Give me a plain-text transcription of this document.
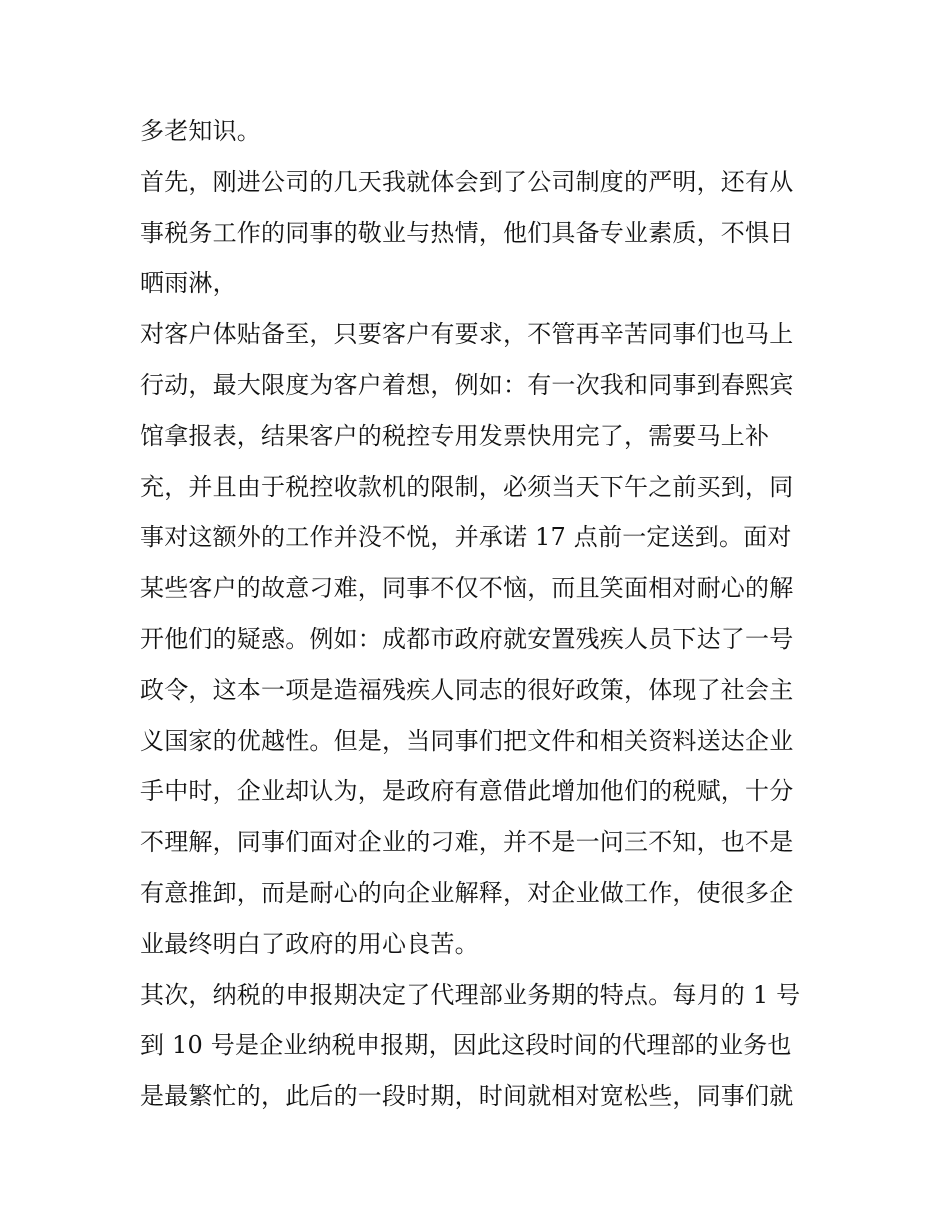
多老知识。
首先，刚进公司的几天我就体会到了公司制度的严明，还有从
事税务工作的同事的敬业与热情，他们具备专业素质，不惧日
晒雨淋，
对客户体贴备至，只要客户有要求，不管再辛苦同事们也马上
行动，最大限度为客户着想，例如：有一次我和同事到春熙宾
馆拿报表，结果客户的税控专用发票快用完了，需要马上补
充，并且由于税控收款机的限制，必须当天下午之前买到，同
事对这额外的工作并没不悦，并承诺 17 点前一定送到。面对
某些客户的故意刁难，同事不仅不恼，而且笑面相对耐心的解
开他们的疑惑。例如：成都市政府就安置残疾人员下达了一号
政令，这本一项是造福残疾人同志的很好政策，体现了社会主
义国家的优越性。但是，当同事们把文件和相关资料送达企业
手中时，企业却认为，是政府有意借此增加他们的税赋，十分
不理解，同事们面对企业的刁难，并不是一问三不知，也不是
有意推卸，而是耐心的向企业解释，对企业做工作，使很多企
业最终明白了政府的用心良苦。
其次，纳税的申报期决定了代理部业务期的特点。每月的 1 号
到 10 号是企业纳税申报期，因此这段时间的代理部的业务也
是最繁忙的，此后的一段时期，时间就相对宽松些，同事们就
